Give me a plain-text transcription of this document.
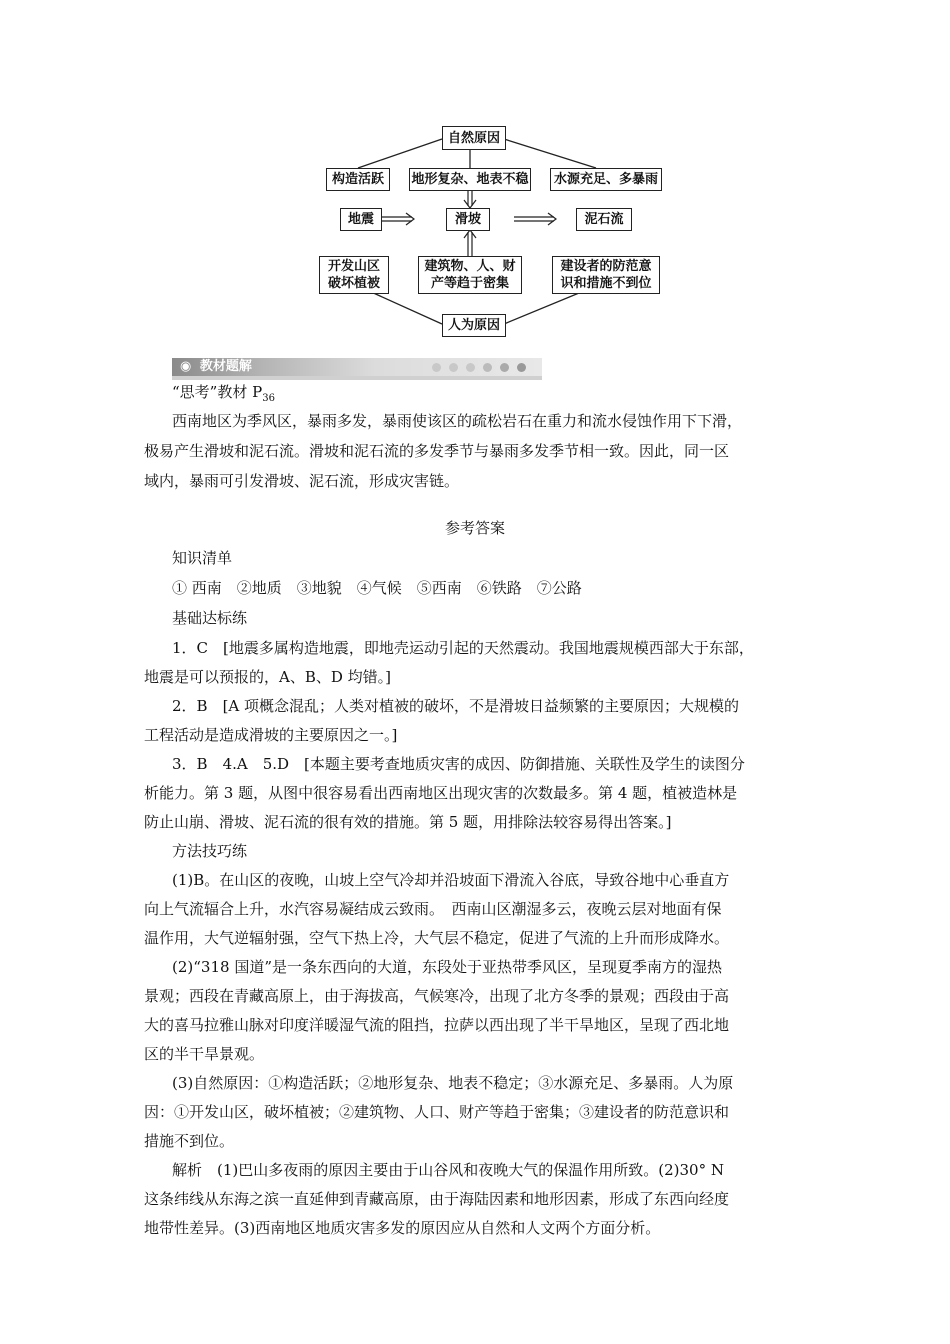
自然原因
构造活跃	地形复杂、地表不稳	水源充足、多暴雨
地震	滑坡	泥石流
开发山区
破坏植被
建筑物、人、财
产等趋于密集
建设者的防范意
识和措施不到位
人为原因
◉ 教材题解
“思考”教材 $P_{36}$
西南地区为季风区，暴雨多发，暴雨使该区的疏松岩石在重力和流水侵蚀作用下下滑，
极易产生滑坡和泥石流。滑坡和泥石流的多发季节与暴雨多发季节相一致。因此，同一区
域内，暴雨可引发滑坡、泥石流，形成灾害链。
参考答案
知识清单
① 西南　②地质　③地貌　④气候　⑤西南　⑥铁路　⑦公路
基础达标练
1．C　[地震多属构造地震，即地壳运动引起的天然震动。我国地震规模西部大于东部，
地震是可以预报的，A、B、D 均错。]
2．B　[A 项概念混乱；人类对植被的破坏，不是滑坡日益频繁的主要原因；大规模的
工程活动是造成滑坡的主要原因之一。]
3．B　4.A　5.D　[本题主要考查地质灾害的成因、防御措施、关联性及学生的读图分
析能力。第 3 题，从图中很容易看出西南地区出现灾害的次数最多。第 4 题，植被造林是
防止山崩、滑坡、泥石流的很有效的措施。第 5 题，用排除法较容易得出答案。]
方法技巧练
(1)B。在山区的夜晚，山坡上空气冷却并沿坡面下滑流入谷底，导致谷地中心垂直方
向上气流辐合上升，水汽容易凝结成云致雨。　西南山区潮湿多云，夜晚云层对地面有保
温作用，大气逆辐射强，空气下热上冷，大气层不稳定，促进了气流的上升而形成降水。
(2)“318 国道”是一条东西向的大道，东段处于亚热带季风区，呈现夏季南方的湿热
景观；西段在青藏高原上，由于海拔高，气候寒冷，出现了北方冬季的景观；西段由于高
大的喜马拉雅山脉对印度洋暖湿气流的阻挡，拉萨以西出现了半干旱地区，呈现了西北地
区的半干旱景观。
(3)自然原因：①构造活跃；②地形复杂、地表不稳定；③水源充足、多暴雨。人为原
因：①开发山区，破坏植被；②建筑物、人口、财产等趋于密集；③建设者的防范意识和
措施不到位。
解析　(1)巴山多夜雨的原因主要由于山谷风和夜晚大气的保温作用所致。(2)30° N
这条纬线从东海之滨一直延伸到青藏高原，由于海陆因素和地形因素，形成了东西向经度
地带性差异。(3)西南地区地质灾害多发的原因应从自然和人文两个方面分析。
